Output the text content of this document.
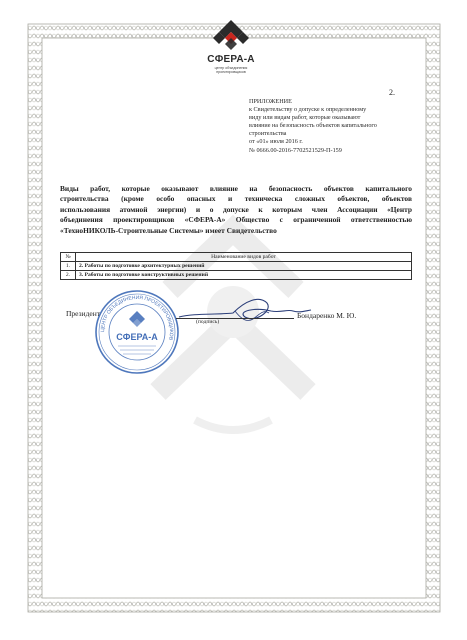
СФЕРА-А
центр объединения проектировщиков
2.
ПРИЛОЖЕНИЕ
к Свидетельству о допуске к определенному
виду или видам работ, которые оказывают
влияние на безопасность объектов капитального
строительства
от «01» июля 2016 г.
№ 0666.00-2016-7702521529-П-159
Виды работ, которые оказывают влияние на безопасность объектов капитального
строительства (кроме особо опасных и техническа сложных объектов, объектов
использования атомной энергии) и о допуске к которым член Ассоциации «Центр
объединения проектировщиков «СФЕРА-А» Общество с ограниченной ответственностью
«ТехноНИКОЛЬ-Строительные Системы» имеет Свидетельство
№	Наименование видов работ
1.	2. Работы по подготовке архитектурных решений
2.	3. Работы по подготовке конструктивных решений
ЦЕНТР ОБЪЕДИНЕНИЯ ПРОЕКТИРОВЩИКОВ
СФЕРА-А
Президент
(подпись)
Бондаренко М. Ю.
